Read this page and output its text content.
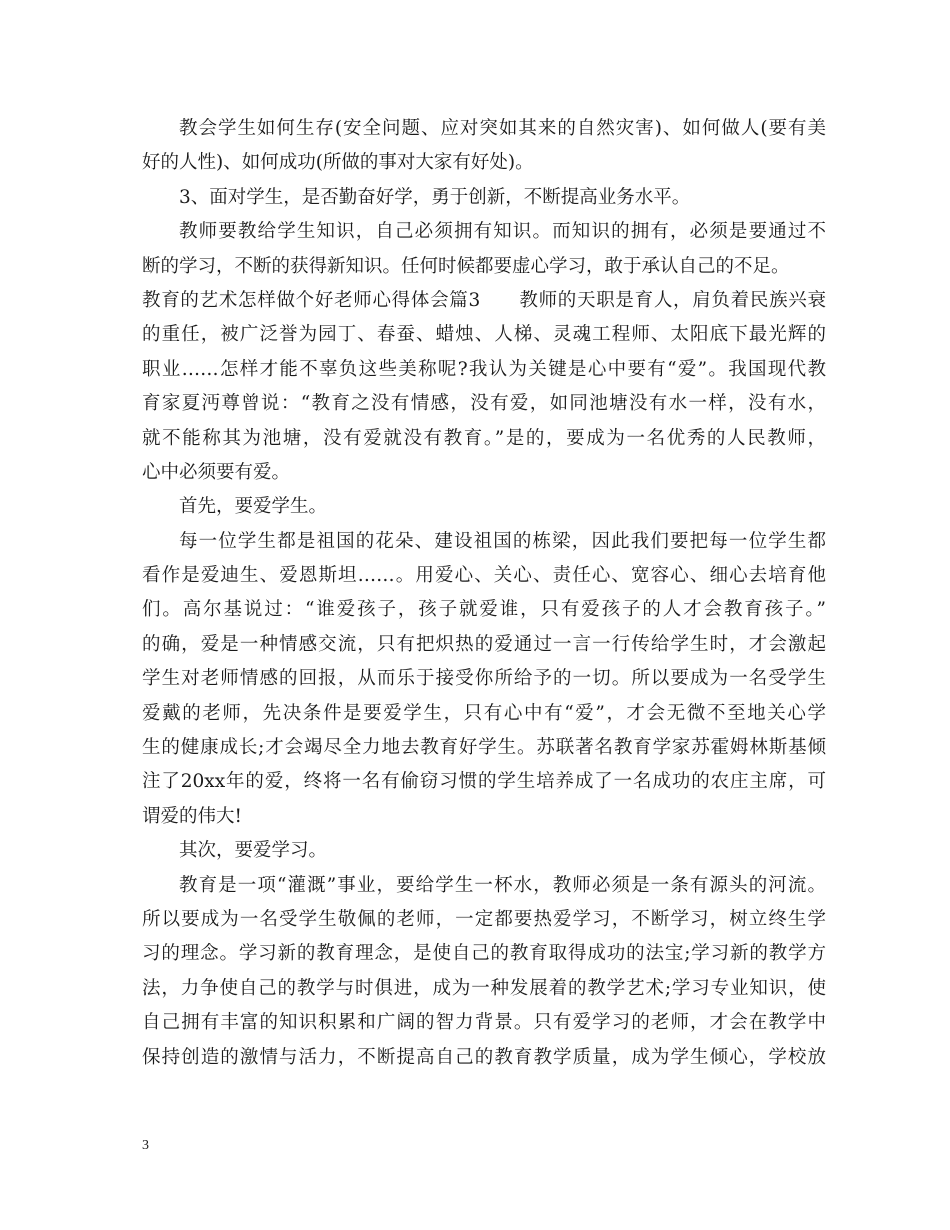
教会学生如何生存(安全问题、应对突如其来的自然灾害)、如何做人(要有美
好的人性)、如何成功(所做的事对大家有好处)。
3、面对学生，是否勤奋好学，勇于创新，不断提高业务水平。
教师要教给学生知识，自己必须拥有知识。而知识的拥有，必须是要通过不
断的学习，不断的获得新知识。任何时候都要虚心学习，敢于承认自己的不足。
教育的艺术怎样做个好老师心得体会篇3　　教师的天职是育人，肩负着民族兴衰
的重任，被广泛誉为园丁、春蚕、蜡烛、人梯、灵魂工程师、太阳底下最光辉的
职业……怎样才能不辜负这些美称呢?我认为关键是心中要有“爱”。我国现代教
育家夏沔尊曾说：“教育之没有情感，没有爱，如同池塘没有水一样，没有水，
就不能称其为池塘，没有爱就没有教育。”是的，要成为一名优秀的人民教师，
心中必须要有爱。
首先，要爱学生。
每一位学生都是祖国的花朵、建设祖国的栋梁，因此我们要把每一位学生都
看作是爱迪生、爱恩斯坦……。用爱心、关心、责任心、宽容心、细心去培育他
们。高尔基说过：“谁爱孩子，孩子就爱谁，只有爱孩子的人才会教育孩子。”
的确，爱是一种情感交流，只有把炽热的爱通过一言一行传给学生时，才会激起
学生对老师情感的回报，从而乐于接受你所给予的一切。所以要成为一名受学生
爱戴的老师，先决条件是要爱学生，只有心中有“爱”，才会无微不至地关心学
生的健康成长;才会竭尽全力地去教育好学生。苏联著名教育学家苏霍姆林斯基倾
注了20xx年的爱，终将一名有偷窃习惯的学生培养成了一名成功的农庄主席，可
谓爱的伟大!
其次，要爱学习。
教育是一项“灌溉”事业，要给学生一杯水，教师必须是一条有源头的河流。
所以要成为一名受学生敬佩的老师，一定都要热爱学习，不断学习，树立终生学
习的理念。学习新的教育理念，是使自己的教育取得成功的法宝;学习新的教学方
法，力争使自己的教学与时俱进，成为一种发展着的教学艺术;学习专业知识，使
自己拥有丰富的知识积累和广阔的智力背景。只有爱学习的老师，才会在教学中
保持创造的激情与活力，不断提高自己的教育教学质量，成为学生倾心，学校放
3
